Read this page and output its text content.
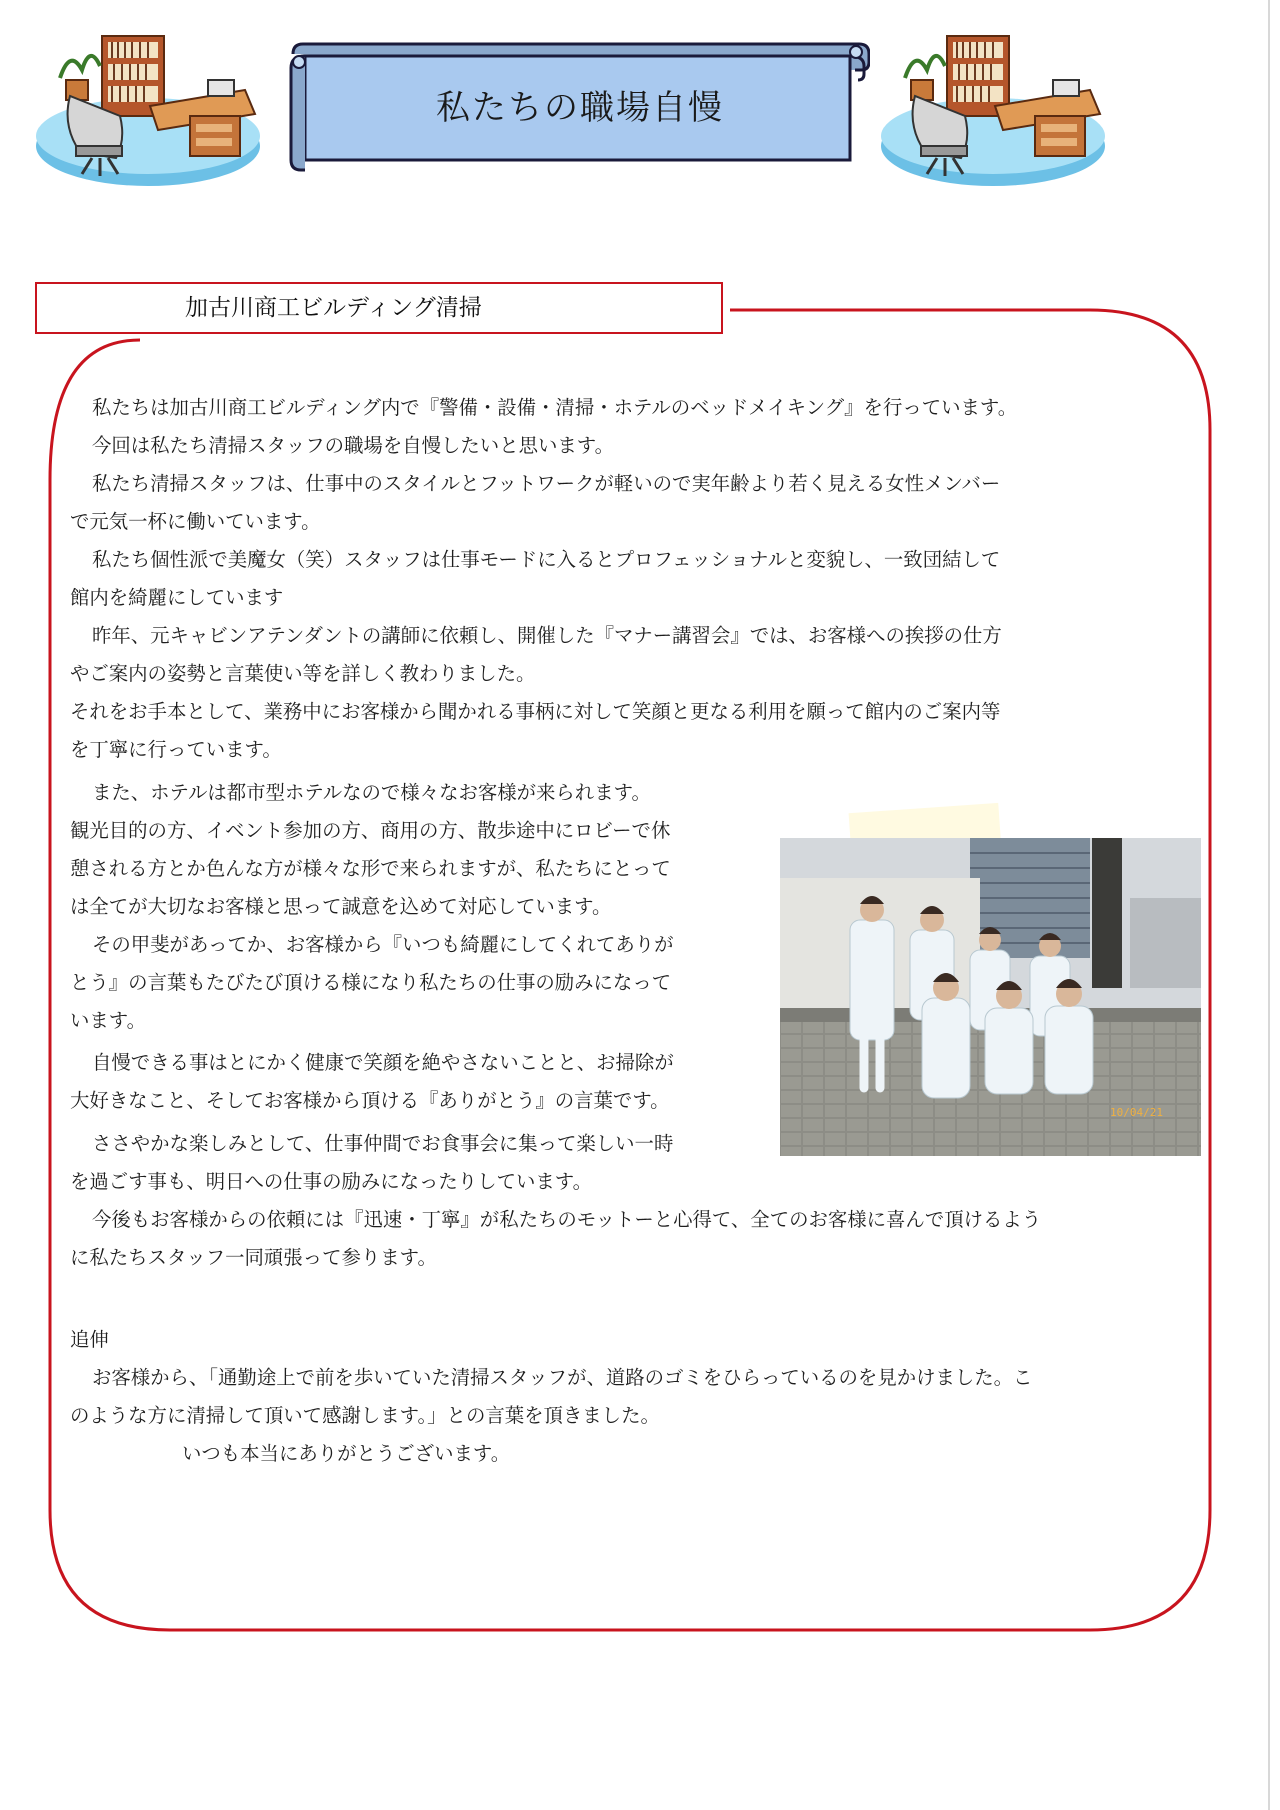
私たちの職場自慢
加古川商工ビルディング清掃
私たちは加古川商工ビルディング内で『警備・設備・清掃・ホテルのベッドメイキング』を行っています。
今回は私たち清掃スタッフの職場を自慢したいと思います。
私たち清掃スタッフは、仕事中のスタイルとフットワークが軽いので実年齢より若く見える女性メンバー
で元気一杯に働いています。
私たち個性派で美魔女（笑）スタッフは仕事モードに入るとプロフェッショナルと変貌し、一致団結して
館内を綺麗にしています
昨年、元キャビンアテンダントの講師に依頼し、開催した『マナー講習会』では、お客様への挨拶の仕方
やご案内の姿勢と言葉使い等を詳しく教わりました。
それをお手本として、業務中にお客様から聞かれる事柄に対して笑顔と更なる利用を願って館内のご案内等
を丁寧に行っています。
また、ホテルは都市型ホテルなので様々なお客様が来られます。
観光目的の方、イベント参加の方、商用の方、散歩途中にロビーで休
憩される方とか色んな方が様々な形で来られますが、私たちにとって
は全てが大切なお客様と思って誠意を込めて対応しています。
その甲斐があってか、お客様から『いつも綺麗にしてくれてありが
とう』の言葉もたびたび頂ける様になり私たちの仕事の励みになって
います。
自慢できる事はとにかく健康で笑顔を絶やさないことと、お掃除が
大好きなこと、そしてお客様から頂ける『ありがとう』の言葉です。
ささやかな楽しみとして、仕事仲間でお食事会に集って楽しい一時
を過ごす事も、明日への仕事の励みになったりしています。
今後もお客様からの依頼には『迅速・丁寧』が私たちのモットーと心得て、全てのお客様に喜んで頂けるよう
に私たちスタッフ一同頑張って参ります。
追伸
お客様から、「通勤途上で前を歩いていた清掃スタッフが、道路のゴミをひらっているのを見かけました。こ
のような方に清掃して頂いて感謝します。」との言葉を頂きました。
いつも本当にありがとうございます。
10/04/21
